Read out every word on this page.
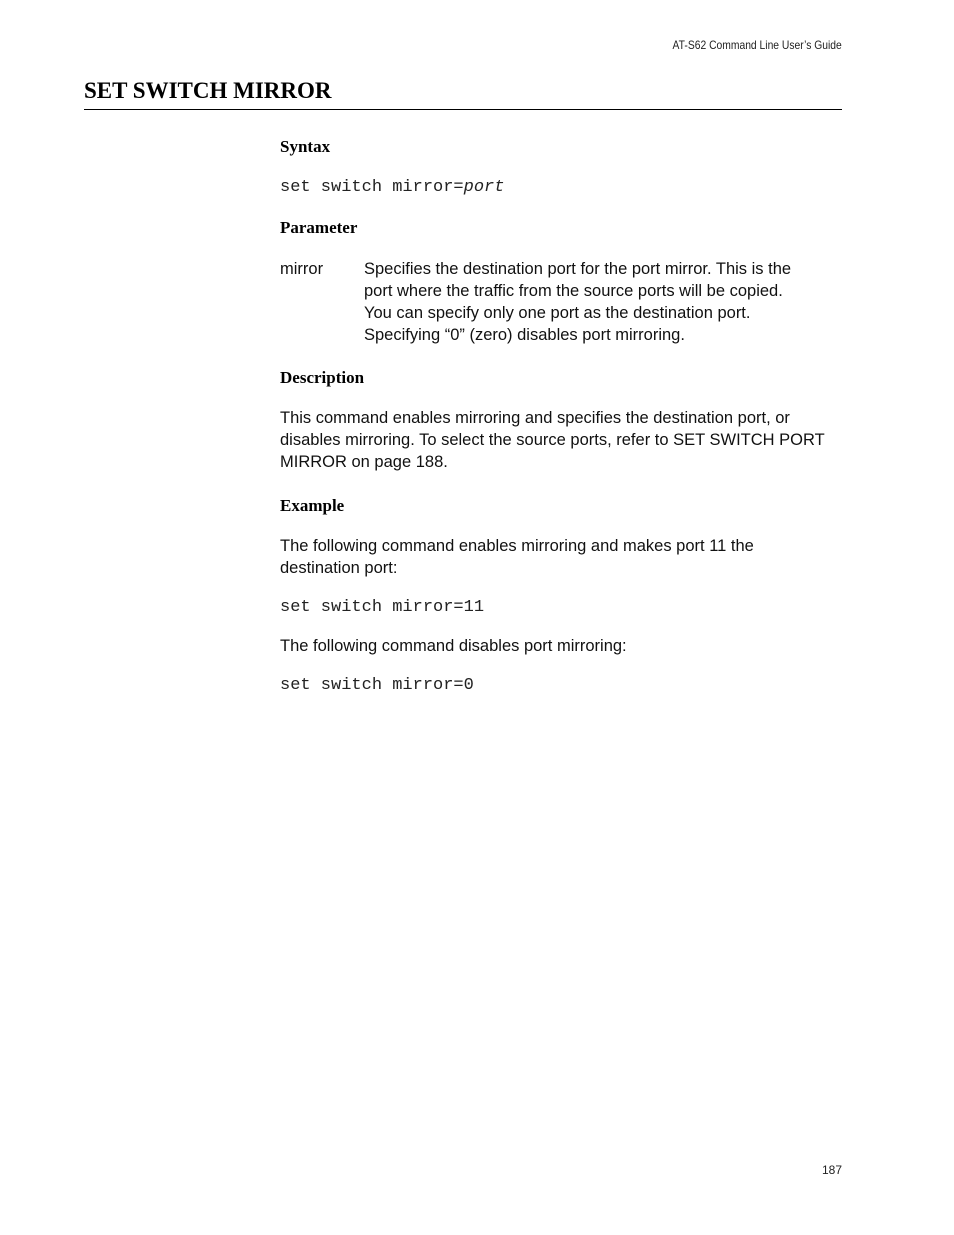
AT-S62 Command Line User’s Guide
SET SWITCH MIRROR
Syntax
set switch mirror=port
Parameter
mirror Specifies the destination port for the port mirror. This is the
port where the traffic from the source ports will be copied.
You can specify only one port as the destination port.
Specifying “0” (zero) disables port mirroring.
Description
This command enables mirroring and specifies the destination port, or
disables mirroring. To select the source ports, refer to SET SWITCH PORT
MIRROR on page 188.
Example
The following command enables mirroring and makes port 11 the
destination port:
set switch mirror=11
The following command disables port mirroring:
set switch mirror=0
187
